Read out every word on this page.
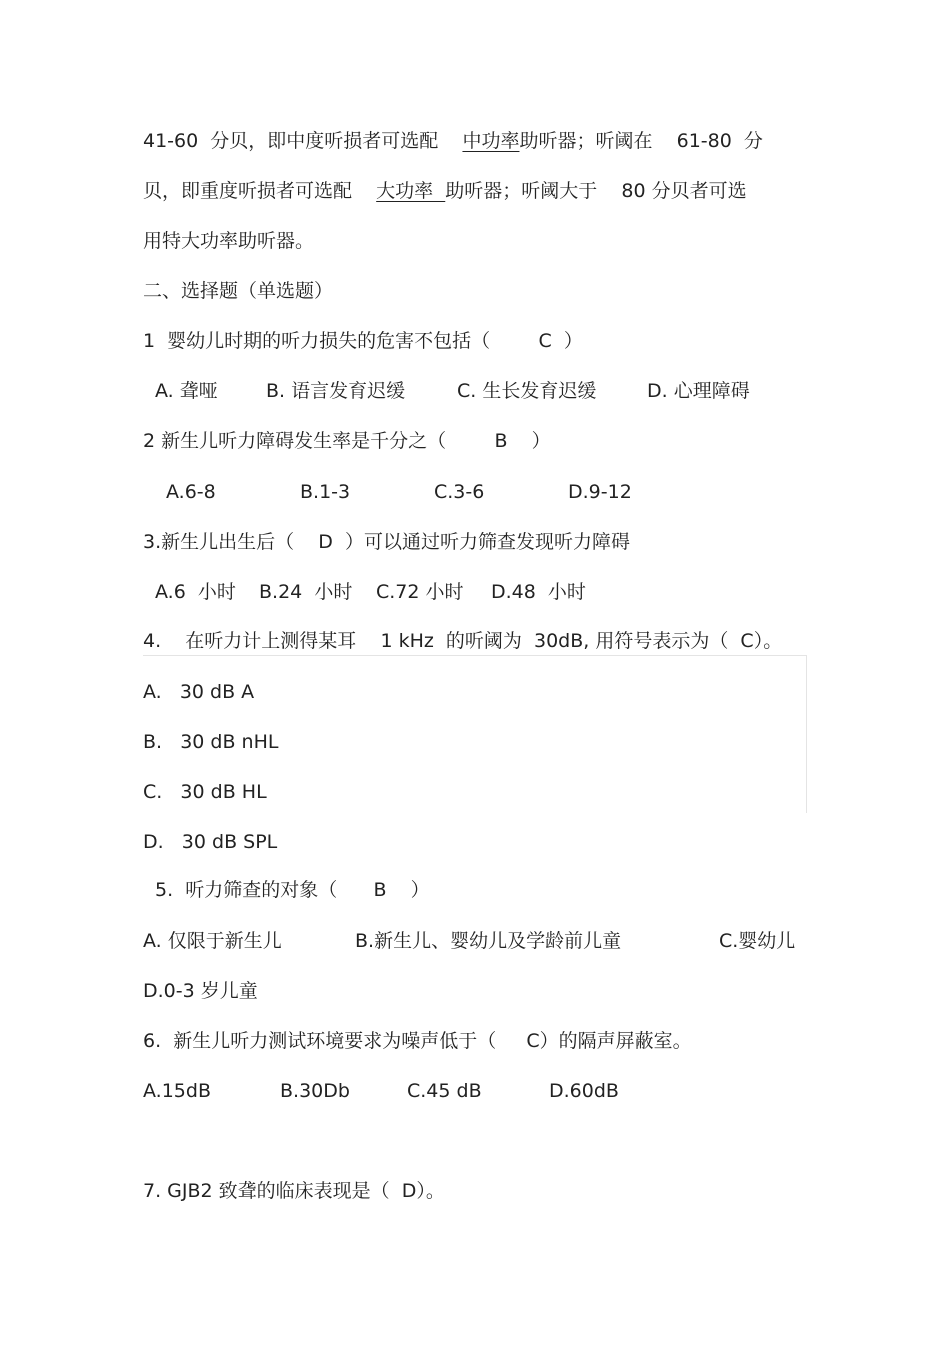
41-60  分贝，即中度听损者可选配    中功率助听器；听阈在    61-80  分
贝，即重度听损者可选配    大功率  助听器；听阈大于    80 分贝者可选
用特大功率助听器。
二、选择题（单选题）
1  婴幼儿时期的听力损失的危害不包括（        C  ）
A. 聋哑	B. 语言发育迟缓	C. 生长发育迟缓	D. 心理障碍
2 新生儿听力障碍发生率是千分之（        B    ）
A.6-8	B.1-3	C.3-6	D.9-12
3.新生儿出生后（    D  ）可以通过听力筛查发现听力障碍
A.6  小时 B.24  小时 C.72 小时 D.48  小时
4.    在听力计上测得某耳    1 kHz  的听阈为  30dB, 用符号表示为（  C）。
A.   30 dB A
B.   30 dB nHL
C.   30 dB HL
D.   30 dB SPL
5.  听力筛查的对象（      B    ）
A. 仅限于新生儿	B.新生儿、婴幼儿及学龄前儿童	C.婴幼儿
D.0-3 岁儿童
6.  新生儿听力测试环境要求为噪声低于（     C）的隔声屏蔽室。
A.15dB	B.30Db	C.45 dB	D.60dB
7. GJB2 致聋的临床表现是（  D）。
